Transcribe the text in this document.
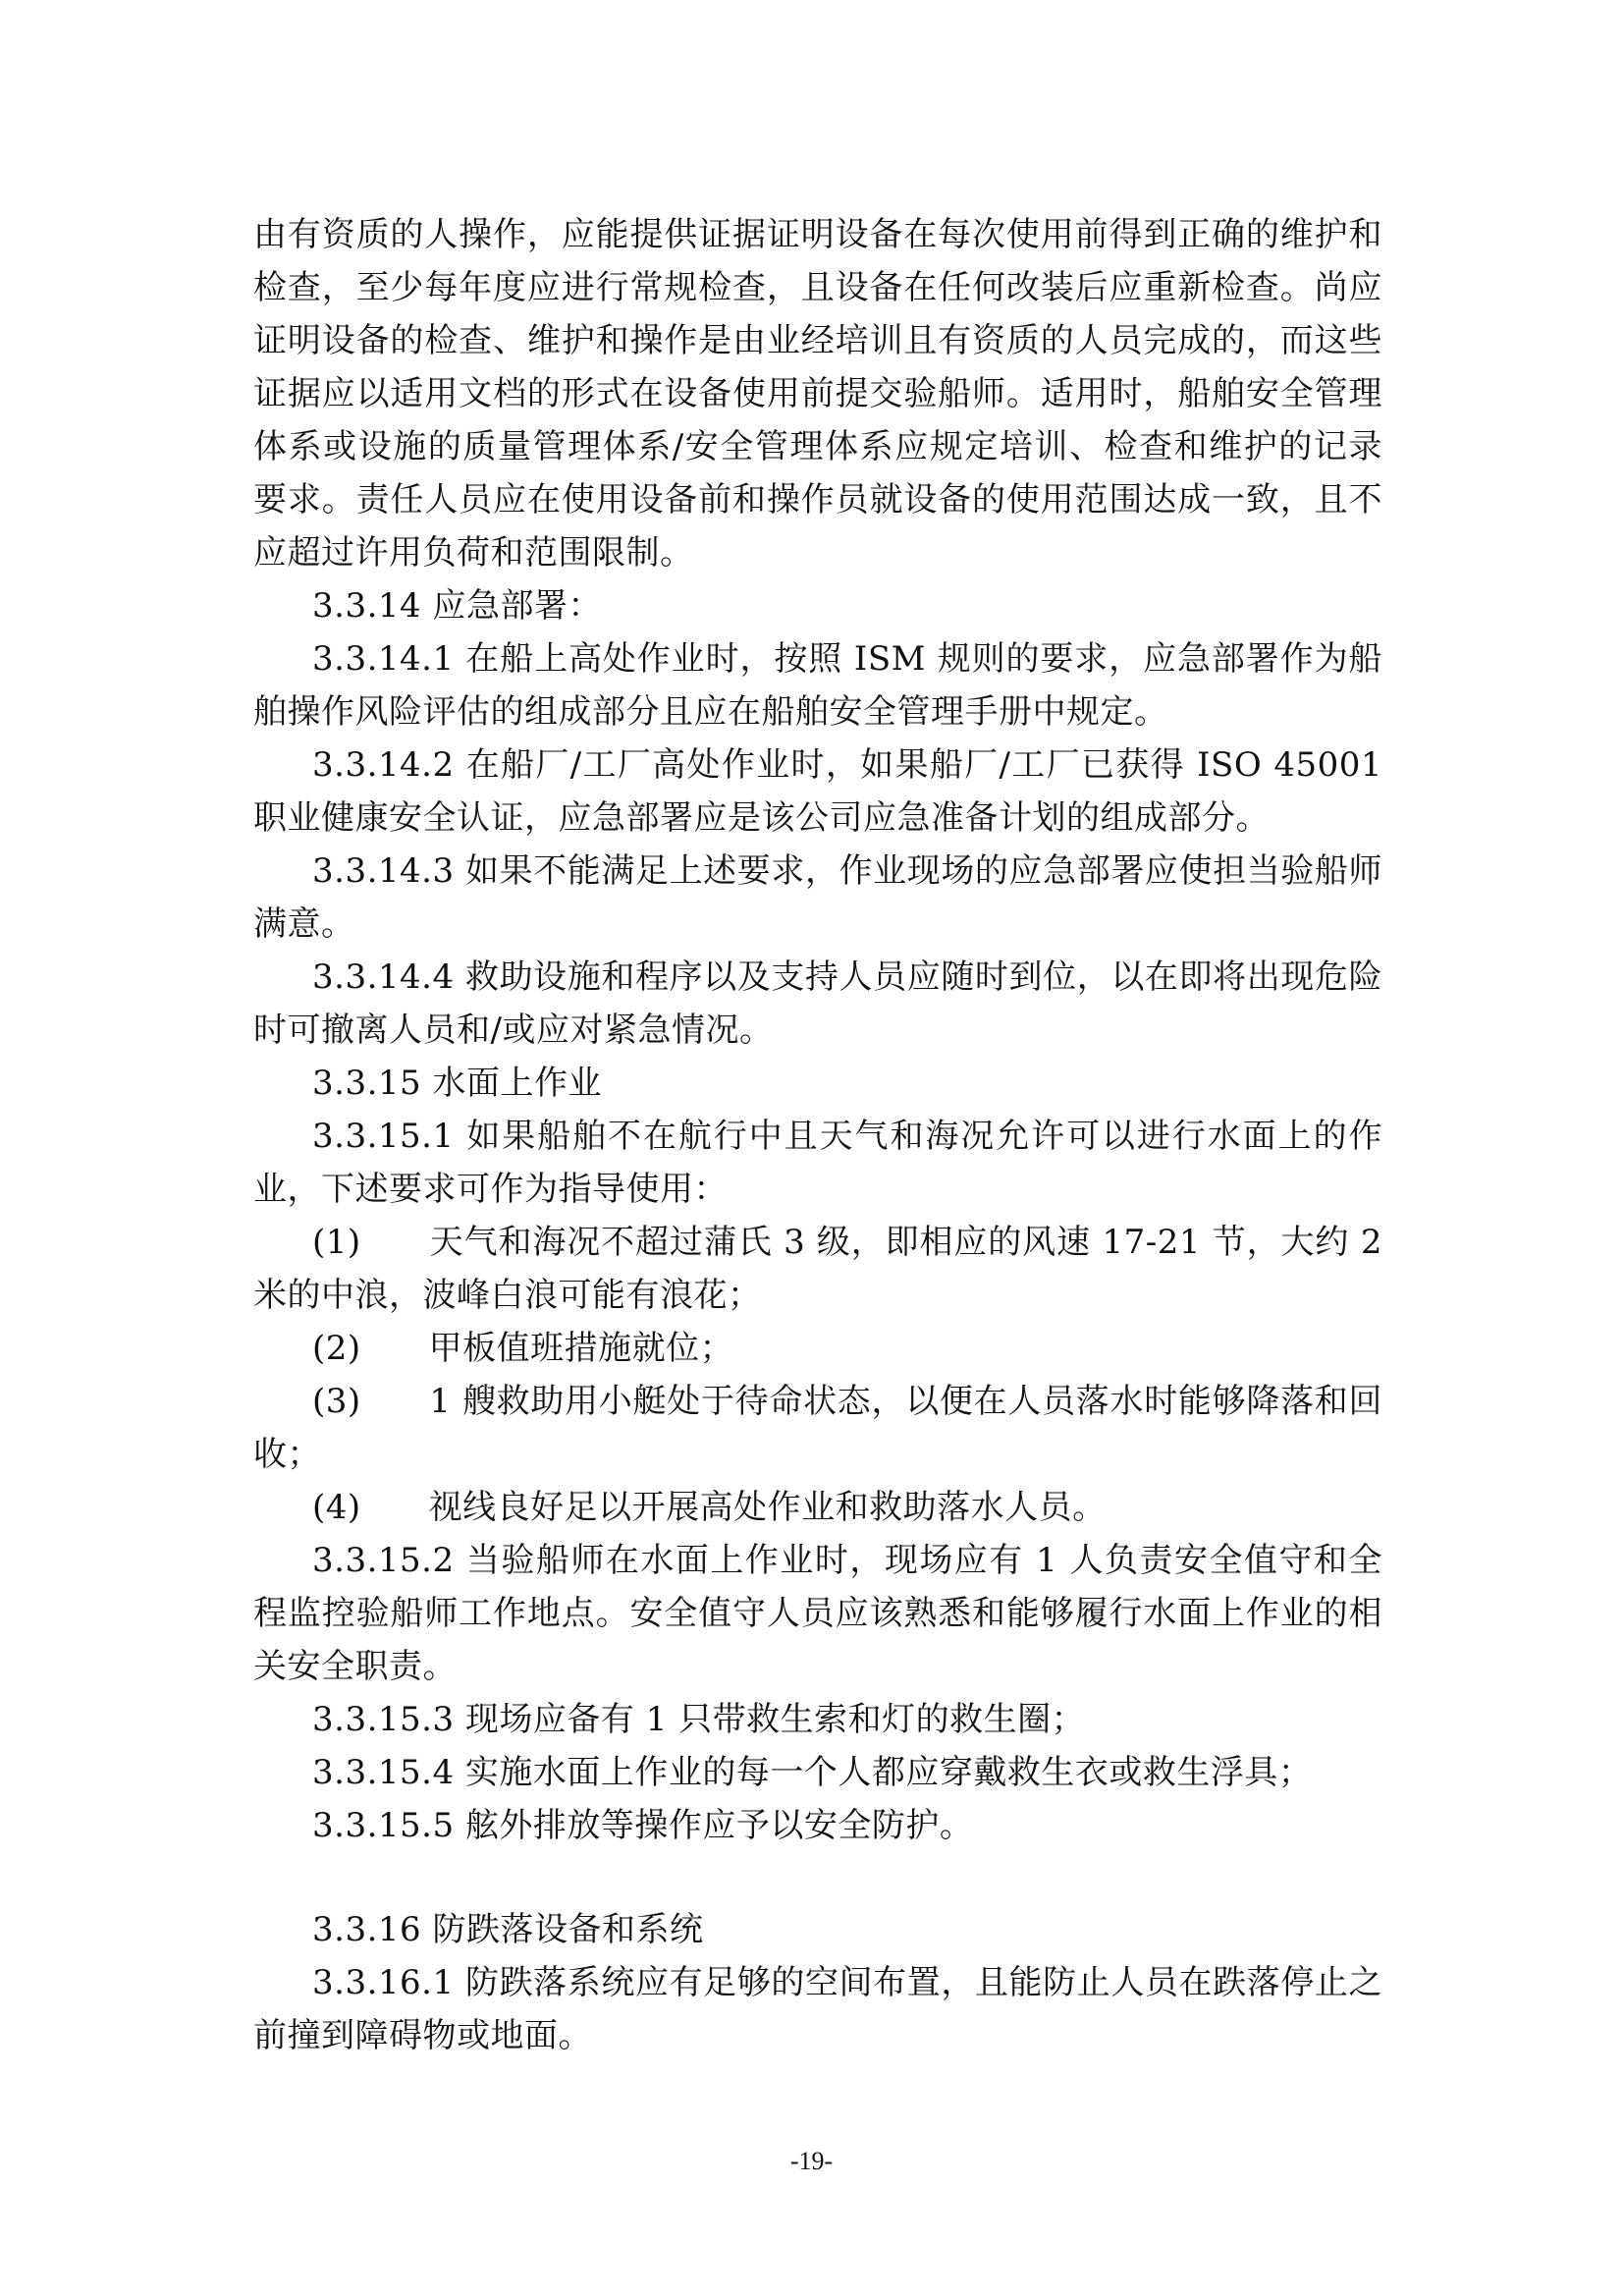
由有资质的人操作，应能提供证据证明设备在每次使用前得到正确的维护和检查，至少每年度应进行常规检查，且设备在任何改装后应重新检查。尚应证明设备的检查、维护和操作是由业经培训且有资质的人员完成的，而这些证据应以适用文档的形式在设备使用前提交验船师。适用时，船舶安全管理体系或设施的质量管理体系/安全管理体系应规定培训、检查和维护的记录要求。责任人员应在使用设备前和操作员就设备的使用范围达成一致，且不应超过许用负荷和范围限制。

3.3.14 应急部署：

3.3.14.1 在船上高处作业时，按照 ISM 规则的要求，应急部署作为船舶操作风险评估的组成部分且应在船舶安全管理手册中规定。

3.3.14.2 在船厂/工厂高处作业时，如果船厂/工厂已获得 ISO 45001 职业健康安全认证，应急部署应是该公司应急准备计划的组成部分。

3.3.14.3 如果不能满足上述要求，作业现场的应急部署应使担当验船师满意。

3.3.14.4 救助设施和程序以及支持人员应随时到位，以在即将出现危险时可撤离人员和/或应对紧急情况。

3.3.15 水面上作业

3.3.15.1 如果船舶不在航行中且天气和海况允许可以进行水面上的作业，下述要求可作为指导使用：

(1)　　天气和海况不超过蒲氏 3 级，即相应的风速 17-21 节，大约 2 米的中浪，波峰白浪可能有浪花；

(2)　　甲板值班措施就位；

(3)　　1 艘救助用小艇处于待命状态，以便在人员落水时能够降落和回收；

(4)　　视线良好足以开展高处作业和救助落水人员。

3.3.15.2 当验船师在水面上作业时，现场应有 1 人负责安全值守和全程监控验船师工作地点。安全值守人员应该熟悉和能够履行水面上作业的相关安全职责。

3.3.15.3 现场应备有 1 只带救生索和灯的救生圈；

3.3.15.4 实施水面上作业的每一个人都应穿戴救生衣或救生浮具；

3.3.15.5 舷外排放等操作应予以安全防护。

3.3.16 防跌落设备和系统

3.3.16.1 防跌落系统应有足够的空间布置，且能防止人员在跌落停止之前撞到障碍物或地面。

-19-
